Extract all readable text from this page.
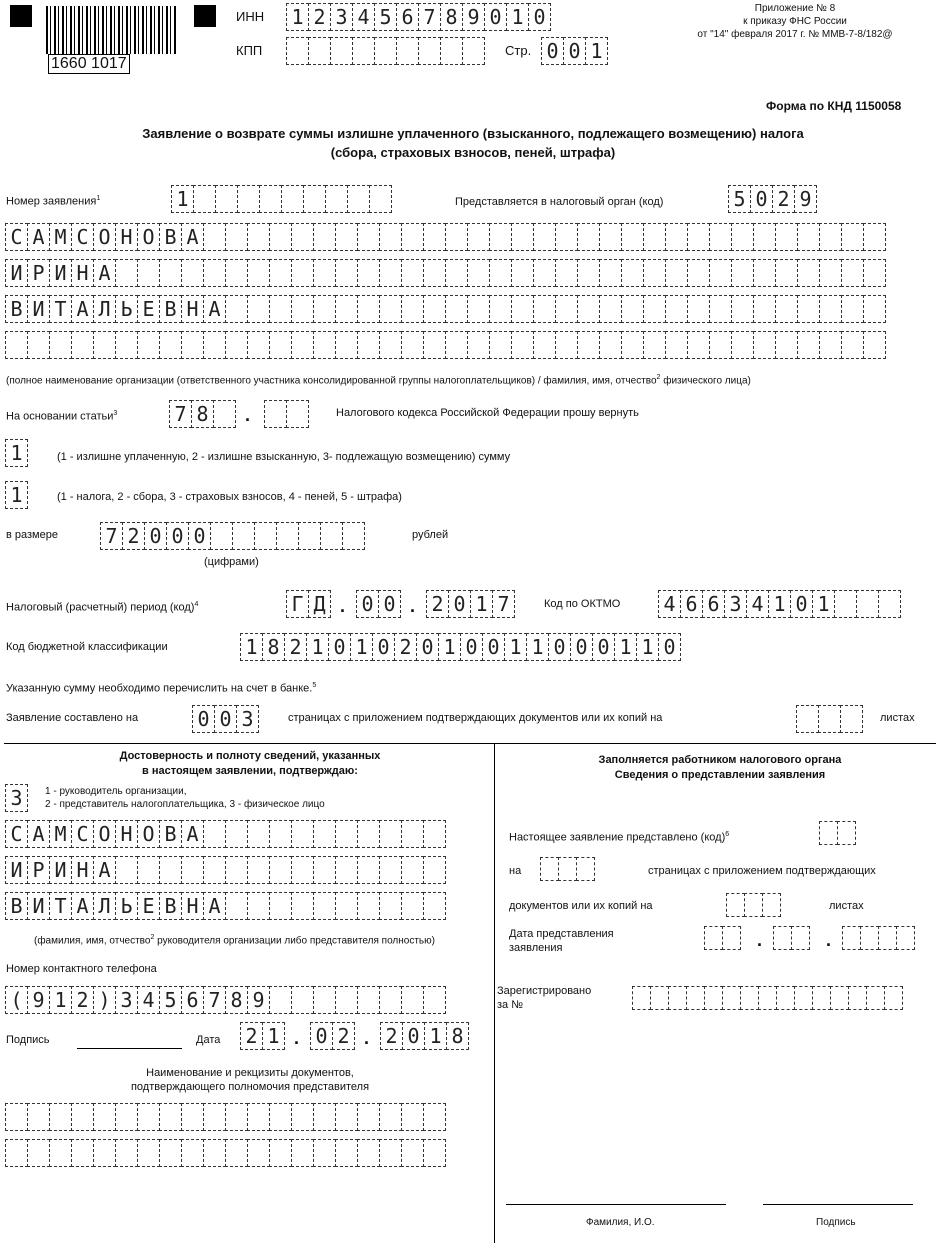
1660 1017
ИНН 1 2 3 4 5 6 7 8 9 0 1 0
КПП	Стр. 0 0 1
Приложение № 8
к приказу ФНС России
от "14" февраля 2017 г. № ММВ-7-8/182@
Форма по КНД 1150058
Заявление о возврате суммы излишне уплаченного (взысканного, подлежащего возмещению) налога
(сбора, страховых взносов, пеней, штрафа)
Номер заявления$^1$	1	Представляется в налоговый орган (код)	5 0 2 9
С А М С О Н О В А
И Р И Н А
В И Т А Л Ь Е В Н А
(полное наименование организации (ответственного участника консолидированной группы налогоплательщиков) / фамилия, имя, отчество$^2$ физического лица)
На основании статьи$^3$	7 8	.	Налогового кодекса Российской Федерации прошу вернуть
1	(1 - излишне уплаченную, 2 - излишне взысканную, 3- подлежащую возмещению) сумму
1	(1 - налога, 2 - сбора, 3 - страховых взносов, 4 - пеней, 5 - штрафа)
в размере 7 2 0 0 0	рублей
(цифрами)
Налоговый (расчетный) период (код)$^4$	Г Д . 0 0 . 2 0 1 7	Код по ОКТМО 4 6 6 3 4 1 0 1
Код бюджетной классификации	1 8 2 1 0 1 0 2 0 1 0 0 1 1 0 0 0 1 1 0
Указанную сумму необходимо перечислить на счет в банке.$^5$
Заявление составлено на	0 0 3	страницах с приложением подтверждающих документов или их копий на	листах
Достоверность и полноту сведений, указанных
в настоящем заявлении, подтверждаю:
3	1 - руководитель организации,
2 - представитель налогоплательщика, 3 - физическое лицо
С А М С О Н О В А
И Р И Н А
В И Т А Л Ь Е В Н А
(фамилия, имя, отчество$^2$ руководителя организации либо представителя полностью)
Номер контактного телефона
( 9 1 2 ) 3 4 5 6 7 8 9
Подпись	Дата 2 1 . 0 2 . 2 0 1 8
Наименование и рекцизиты документов,
подтверждающего полномочия представителя
Заполняется работником налогового органа
Сведения о представлении заявления
Настоящее заявление представлено (код)$^6$
на	страницах с приложением подтверждающих
документов или их копий на	листах
Дата представления
заявления	.	.
Зарегистрировано
за №
Фамилия, И.О.	Подпись
